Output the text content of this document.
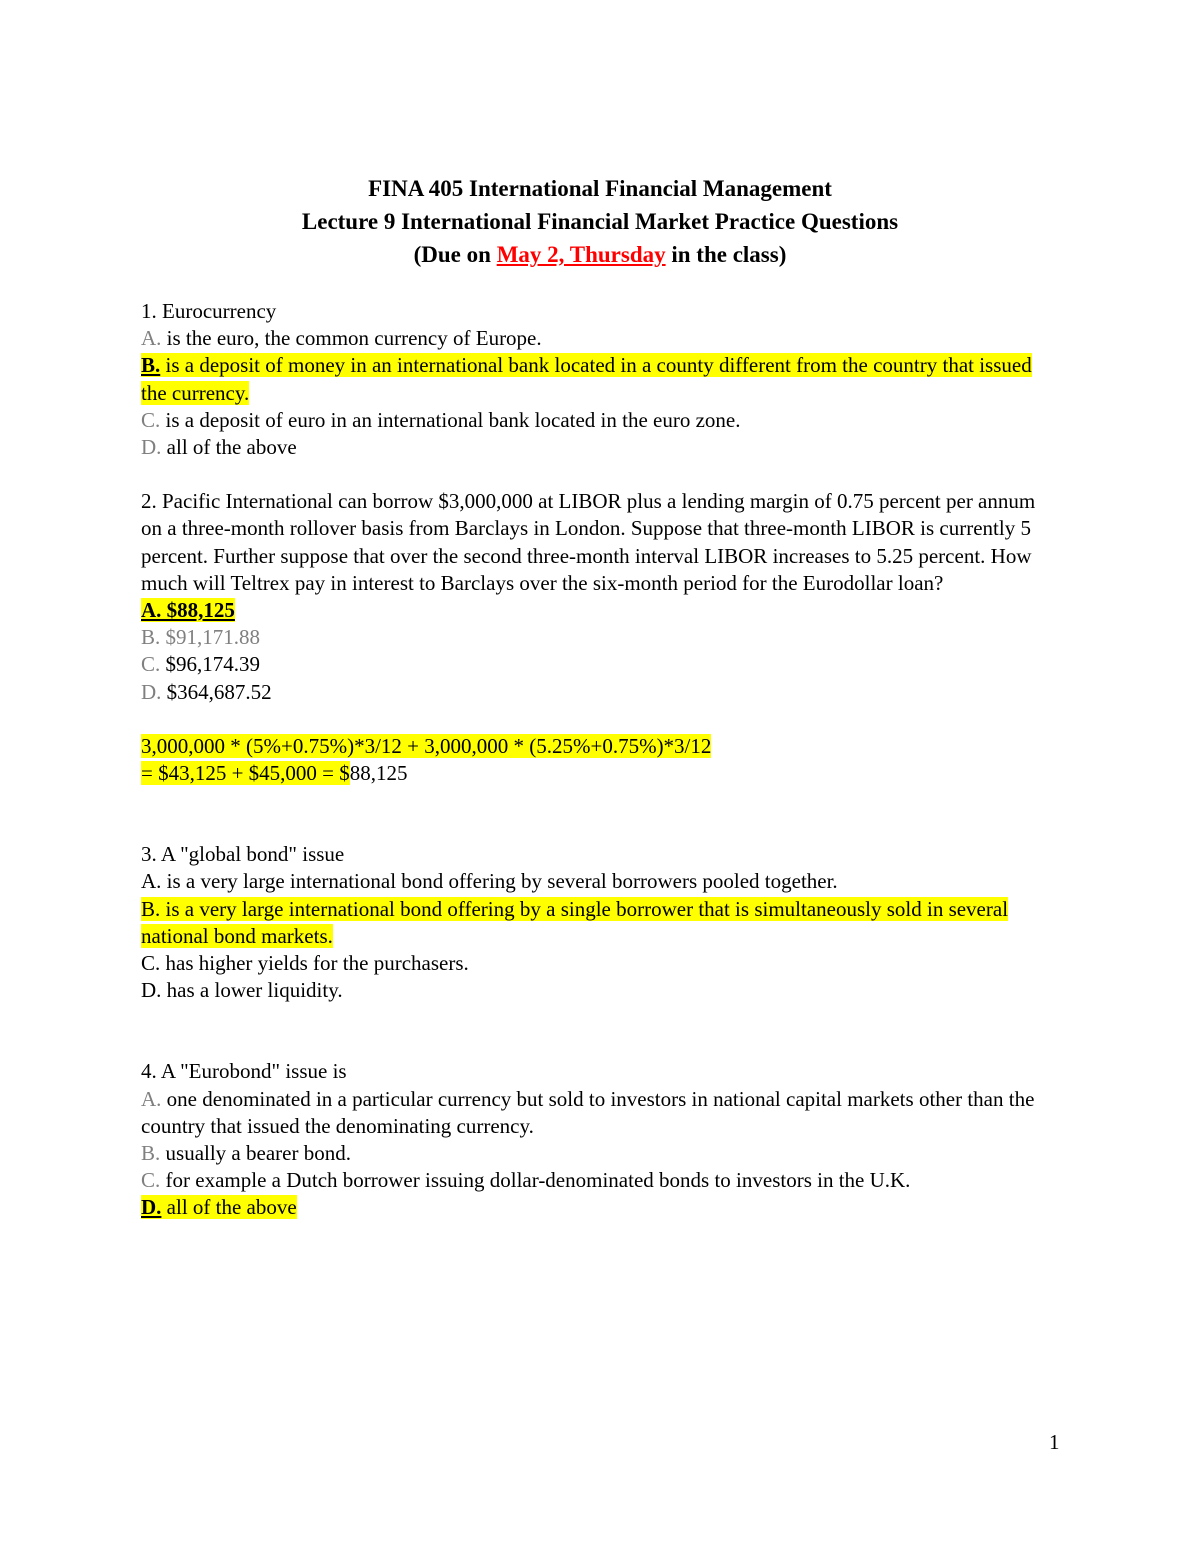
FINA 405 International Financial Management
Lecture 9 International Financial Market Practice Questions
(Due on May 2, Thursday in the class)
1. Eurocurrency
A. is the euro, the common currency of Europe.
B. is a deposit of money in an international bank located in a county different from the country that issued the currency.
C. is a deposit of euro in an international bank located in the euro zone.
D. all of the above
2. Pacific International can borrow $3,000,000 at LIBOR plus a lending margin of 0.75 percent per annum on a three-month rollover basis from Barclays in London. Suppose that three-month LIBOR is currently 5 percent. Further suppose that over the second three-month interval LIBOR increases to 5.25 percent. How much will Teltrex pay in interest to Barclays over the six-month period for the Eurodollar loan?
A. $88,125
B. $91,171.88
C. $96,174.39
D. $364,687.52
3,000,000 * (5%+0.75%)*3/12 + 3,000,000 * (5.25%+0.75%)*3/12
= $43,125 + $45,000 = $88,125
3. A "global bond" issue
A. is a very large international bond offering by several borrowers pooled together.
B. is a very large international bond offering by a single borrower that is simultaneously sold in several national bond markets.
C. has higher yields for the purchasers.
D. has a lower liquidity.
4. A "Eurobond" issue is
A. one denominated in a particular currency but sold to investors in national capital markets other than the country that issued the denominating currency.
B. usually a bearer bond.
C. for example a Dutch borrower issuing dollar-denominated bonds to investors in the U.K.
D. all of the above
1
